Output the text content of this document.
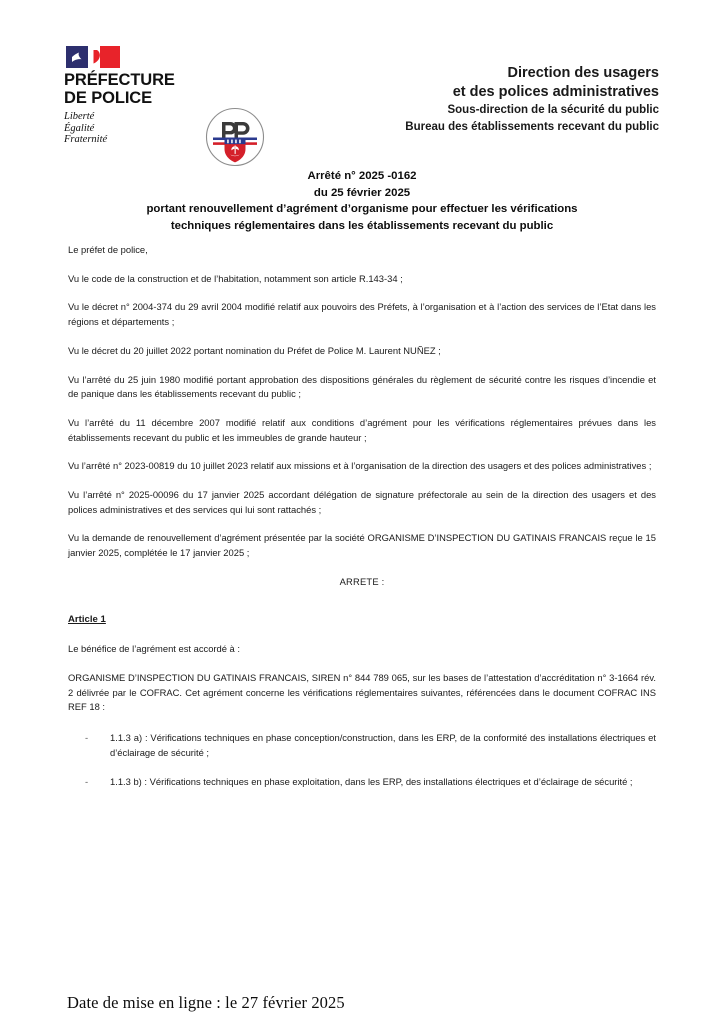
PRÉFECTURE
DE POLICE
Liberté
Égalité
Fraternité
Direction des usagers
et des polices administratives
Sous-direction de la sécurité du public
Bureau des établissements recevant du public
Arrêté n° 2025 -0162
du 25 février 2025
portant renouvellement d’agrément d’organisme pour effectuer les vérifications
techniques réglementaires dans les établissements recevant du public

Le préfet de police,

Vu le code de la construction et de l’habitation, notamment son article R.143-34 ;

Vu le décret n° 2004-374 du 29 avril 2004 modifié relatif aux pouvoirs des Préfets, à l’organisation et à l’action des services de l’Etat dans les régions et départements ;

Vu le décret du 20 juillet 2022 portant nomination du Préfet de Police M. Laurent NUÑEZ ;

Vu l’arrêté du 25 juin 1980 modifié portant approbation des dispositions générales du règlement de sécurité contre les risques d’incendie et de panique dans les établissements recevant du public ;

Vu l’arrêté du 11 décembre 2007 modifié relatif aux conditions d’agrément pour les vérifications réglementaires prévues dans les établissements recevant du public et les immeubles de grande hauteur ;

Vu l’arrêté n° 2023-00819 du 10 juillet 2023 relatif aux missions et à l’organisation de la direction des usagers et des polices administratives ;

Vu l’arrêté n° 2025-00096 du 17 janvier 2025 accordant délégation de signature préfectorale au sein de la direction des usagers et des polices administratives et des services qui lui sont rattachés ;

Vu la demande de renouvellement d’agrément présentée par la société ORGANISME D’INSPECTION DU GATINAIS FRANCAIS reçue le 15 janvier 2025, complétée le 17 janvier 2025 ;

ARRETE :
Article 1

Le bénéfice de l’agrément est accordé à :

ORGANISME D’INSPECTION DU GATINAIS FRANCAIS, SIREN n° 844 789 065, sur les bases de l’attestation d’accréditation n° 3-1664 rév. 2 délivrée par le COFRAC. Cet agrément concerne les vérifications réglementaires suivantes, référencées dans le document COFRAC INS REF 18 :

- 1.1.3 a) : Vérifications techniques en phase conception/construction, dans les ERP, de la conformité des installations électriques et d’éclairage de sécurité ;
- 1.1.3 b) : Vérifications techniques en phase exploitation, dans les ERP, des installations électriques et d’éclairage de sécurité ;
Date de mise en ligne : le 27 février 2025
